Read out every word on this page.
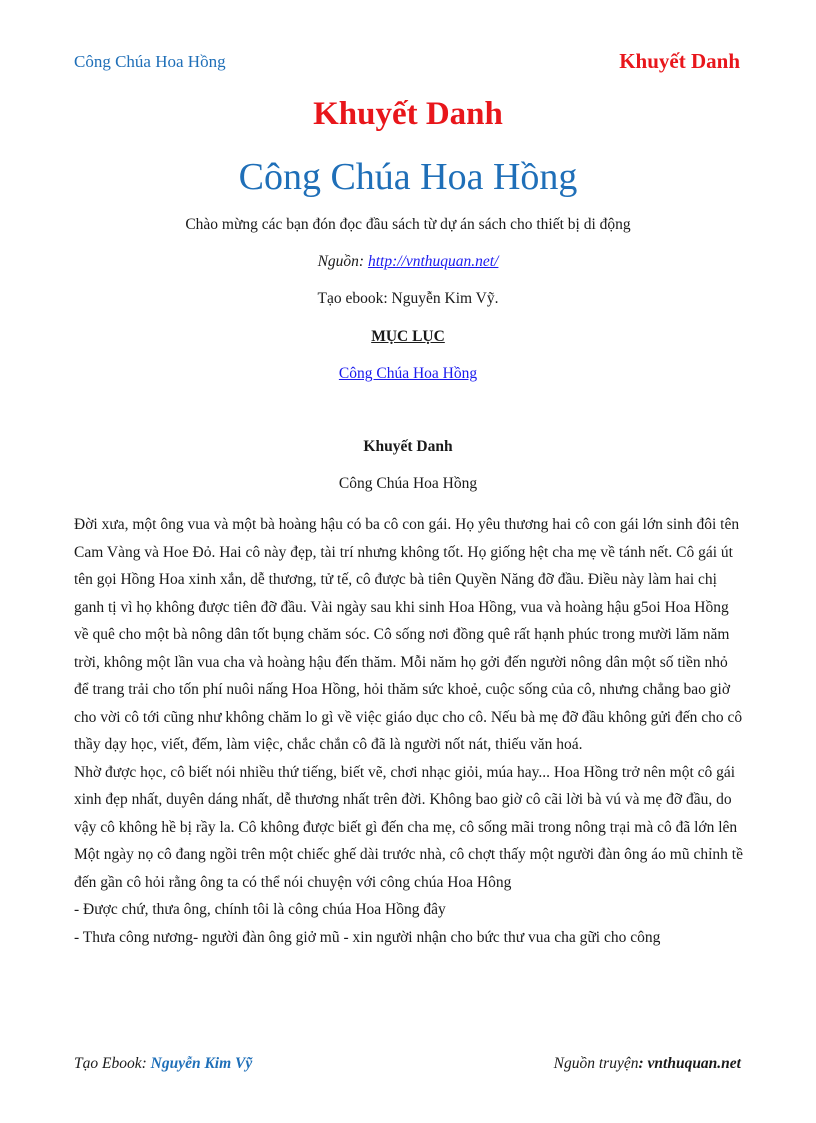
Công Chúa Hoa Hồng	Khuyết Danh
Khuyết Danh
Công Chúa Hoa Hồng
Chào mừng các bạn đón đọc đầu sách từ dự án sách cho thiết bị di động
Nguồn: http://vnthuquan.net/
Tạo ebook: Nguyễn Kim Vỹ.
MỤC LỤC
Công Chúa Hoa Hồng
Khuyết Danh
Công Chúa Hoa Hồng

Đời xưa, một ông vua và một bà hoàng hậu có ba cô con gái. Họ yêu thương hai cô con gái lớn sinh đôi tên Cam Vàng và Hoe Đỏ. Hai cô này đẹp, tài trí nhưng không tốt. Họ giống hệt cha mẹ về tánh nết. Cô gái út tên gọi Hồng Hoa xinh xắn, dễ thương, tử tế, cô được bà tiên Quyền Năng đỡ đầu. Điều này làm hai chị ganh tị vì họ không được tiên đỡ đầu. Vài ngày sau khi sinh Hoa Hồng, vua và hoàng hậu g5oi Hoa Hồng về quê cho một bà nông dân tốt bụng chăm sóc. Cô sống nơi đồng quê rất hạnh phúc trong mười lăm năm trời, không một lần vua cha và hoàng hậu đến thăm. Mỗi năm họ gởi đến người nông dân một số tiền nhỏ để trang trải cho tốn phí nuôi nấng Hoa Hồng, hỏi thăm sức khoẻ, cuộc sống của cô, nhưng chẳng bao giờ cho vời cô tới cũng như không chăm lo gì về việc giáo dục cho cô. Nếu bà mẹ đỡ đầu không gửi đến cho cô thầy dạy học, viết, đếm, làm việc, chắc chắn cô đã là người nốt nát, thiếu văn hoá.

Nhờ được học, cô biết nói nhiều thứ tiếng, biết vẽ, chơi nhạc giỏi, múa hay... Hoa Hồng trở nên một cô gái xinh đẹp nhất, duyên dáng nhất, dễ thương nhất trên đời. Không bao giờ cô cãi lời bà vú và mẹ đỡ đầu, do vậy cô không hề bị rầy la. Cô không được biết gì đến cha mẹ, cô sống mãi trong nông trại mà cô đã lớn lên

Một ngày nọ cô đang ngồi trên một chiếc ghế dài trước nhà, cô chợt thấy một người đàn ông áo mũ chỉnh tề đến gần cô hỏi rằng ông ta có thể nói chuyện với công chúa Hoa Hông

- Được chứ, thưa ông, chính tôi là công chúa Hoa Hồng đây

- Thưa công nương- người đàn ông giở mũ - xin người nhận cho bức thư vua cha gữi cho công

Tạo Ebook: Nguyễn Kim Vỹ	Nguồn truyện: vnthuquan.net
